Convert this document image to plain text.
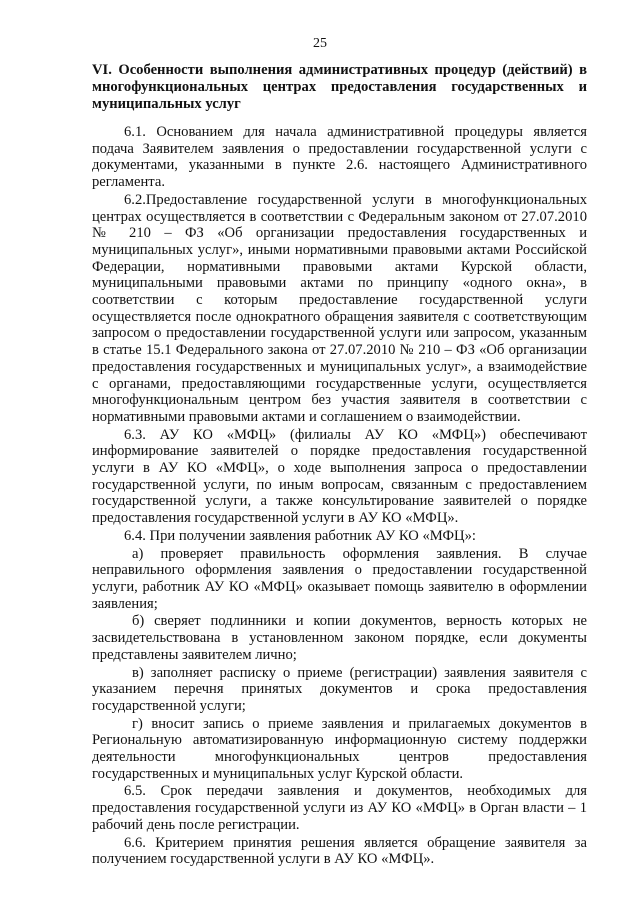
25
VI. Особенности выполнения административных процедур (действий) в многофункциональных центрах предоставления государственных и муниципальных услуг

6.1. Основанием для начала административной процедуры является подача Заявителем заявления о предоставлении государственной услуги с документами, указанными в пункте 2.6. настоящего Административного регламента.

6.2.Предоставление государственной услуги в многофункциональных центрах осуществляется в соответствии с Федеральным законом от 27.07.2010 № 210 – ФЗ «Об организации предоставления государственных и муниципальных услуг», иными нормативными правовыми актами Российской Федерации, нормативными правовыми актами Курской области, муниципальными правовыми актами по принципу «одного окна», в соответствии с которым предоставление государственной услуги осуществляется после однократного обращения заявителя с соответствующим запросом о предоставлении государственной услуги или запросом, указанным в статье 15.1 Федерального закона от 27.07.2010 № 210 – ФЗ «Об организации предоставления государственных и муниципальных услуг», а взаимодействие с органами, предоставляющими государственные услуги, осуществляется многофункциональным центром без участия заявителя в соответствии с нормативными правовыми актами и соглашением о взаимодействии.

6.3. АУ КО «МФЦ» (филиалы АУ КО «МФЦ») обеспечивают информирование заявителей о порядке предоставления государственной услуги в АУ КО «МФЦ», о ходе выполнения запроса о предоставлении государственной услуги, по иным вопросам, связанным с предоставлением государственной услуги, а также консультирование заявителей о порядке предоставления государственной услуги в АУ КО «МФЦ».

6.4. При получении заявления работник АУ КО «МФЦ»:

а) проверяет правильность оформления заявления. В случае неправильного оформления заявления о предоставлении государственной услуги, работник АУ КО «МФЦ» оказывает помощь заявителю в оформлении заявления;

б) сверяет подлинники и копии документов, верность которых не засвидетельствована в установленном законом порядке, если документы представлены заявителем лично;

в) заполняет расписку о приеме (регистрации) заявления заявителя с указанием перечня принятых документов и срока предоставления государственной услуги;

г) вносит запись о приеме заявления и прилагаемых документов в Региональную автоматизированную информационную систему поддержки деятельности многофункциональных центров предоставления государственных и муниципальных услуг Курской области.

6.5. Срок передачи заявления и документов, необходимых для предоставления государственной услуги из АУ КО «МФЦ» в Орган власти – 1 рабочий день после регистрации.

6.6. Критерием принятия решения является обращение заявителя за получением государственной услуги в АУ КО «МФЦ».
